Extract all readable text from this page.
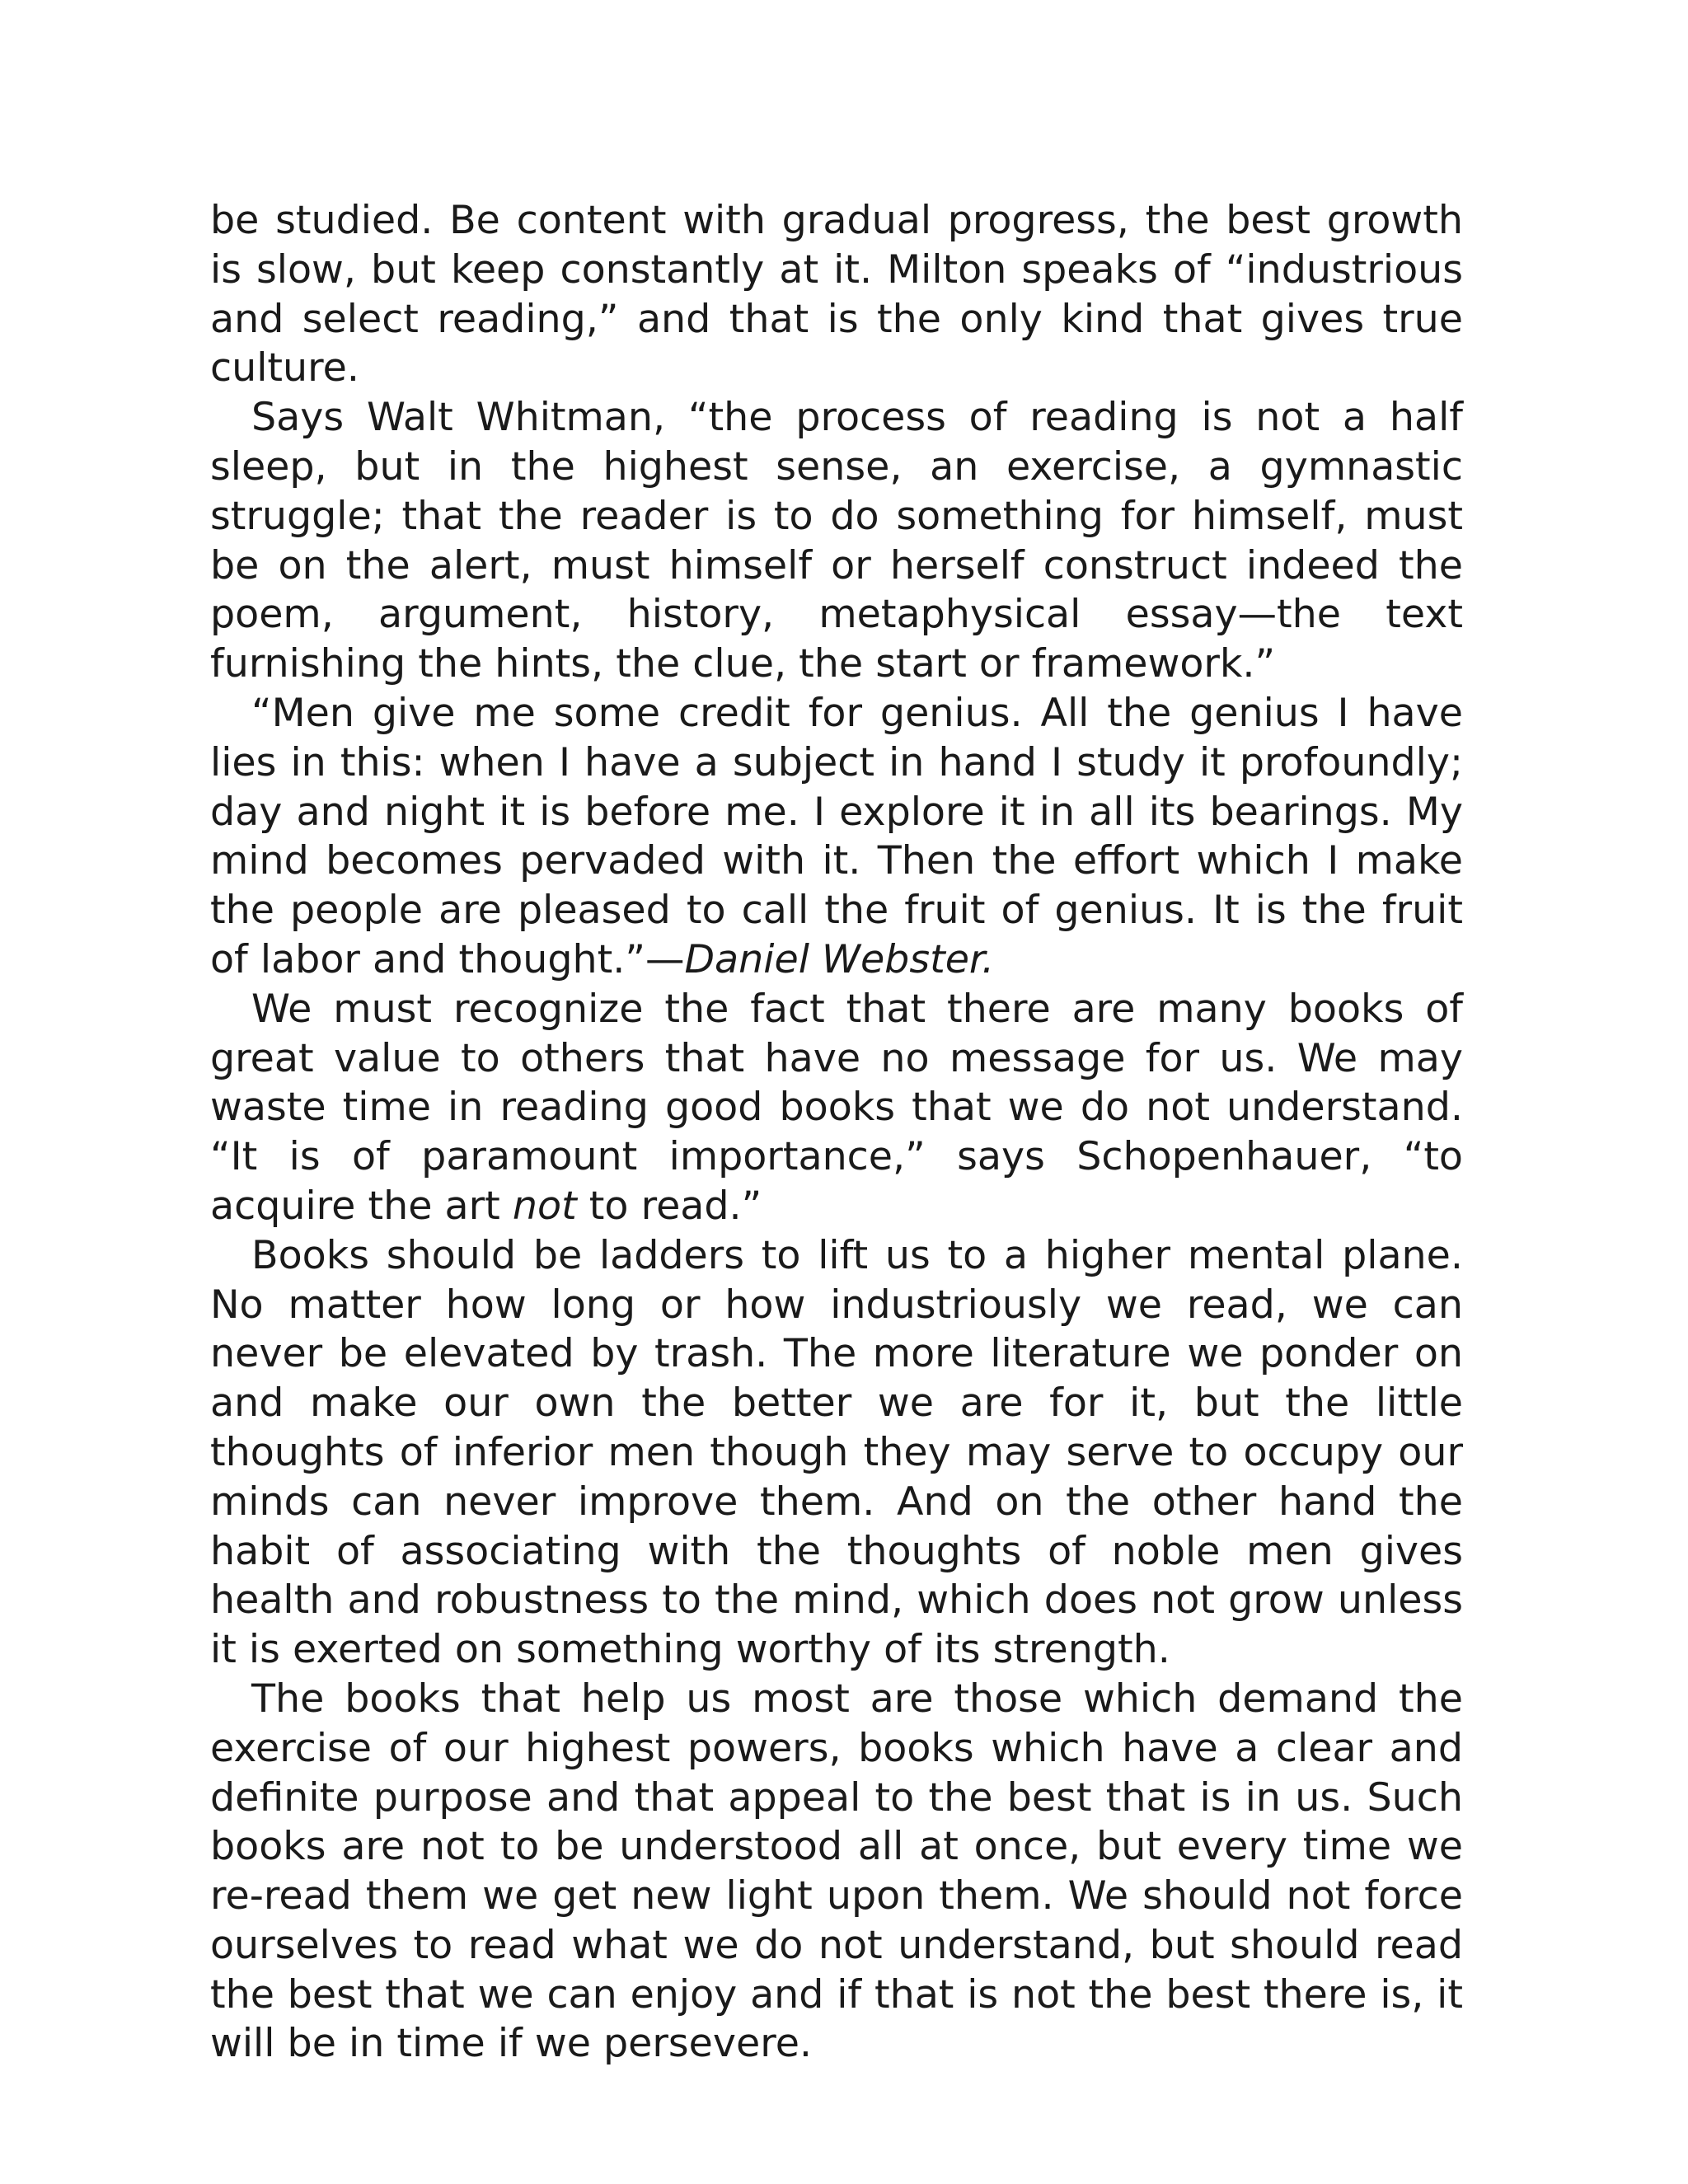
be studied. Be content with gradual progress, the best growth is slow, but keep constantly at it. Milton speaks of “industrious and select reading,” and that is the only kind that gives true culture.

Says Walt Whitman, “the process of reading is not a half sleep, but in the highest sense, an exercise, a gymnastic struggle; that the reader is to do something for himself, must be on the alert, must himself or herself construct indeed the poem, argument, history, metaphysical essay—the text furnishing the hints, the clue, the start or framework.”

“Men give me some credit for genius. All the genius I have lies in this: when I have a subject in hand I study it profoundly; day and night it is before me. I explore it in all its bearings. My mind becomes pervaded with it. Then the effort which I make the people are pleased to call the fruit of genius. It is the fruit of labor and thought.”—Daniel Webster.

We must recognize the fact that there are many books of great value to others that have no message for us. We may waste time in reading good books that we do not understand. “It is of paramount importance,” says Schopenhauer, “to acquire the art not to read.”

Books should be ladders to lift us to a higher mental plane. No matter how long or how industriously we read, we can never be elevated by trash. The more literature we ponder on and make our own the better we are for it, but the little thoughts of inferior men though they may serve to occupy our minds can never improve them. And on the other hand the habit of associating with the thoughts of noble men gives health and robustness to the mind, which does not grow unless it is exerted on something worthy of its strength.

The books that help us most are those which demand the exercise of our highest powers, books which have a clear and definite purpose and that appeal to the best that is in us. Such books are not to be understood all at once, but every time we re-read them we get new light upon them. We should not force ourselves to read what we do not understand, but should read the best that we can enjoy and if that is not the best there is, it will be in time if we persevere.
